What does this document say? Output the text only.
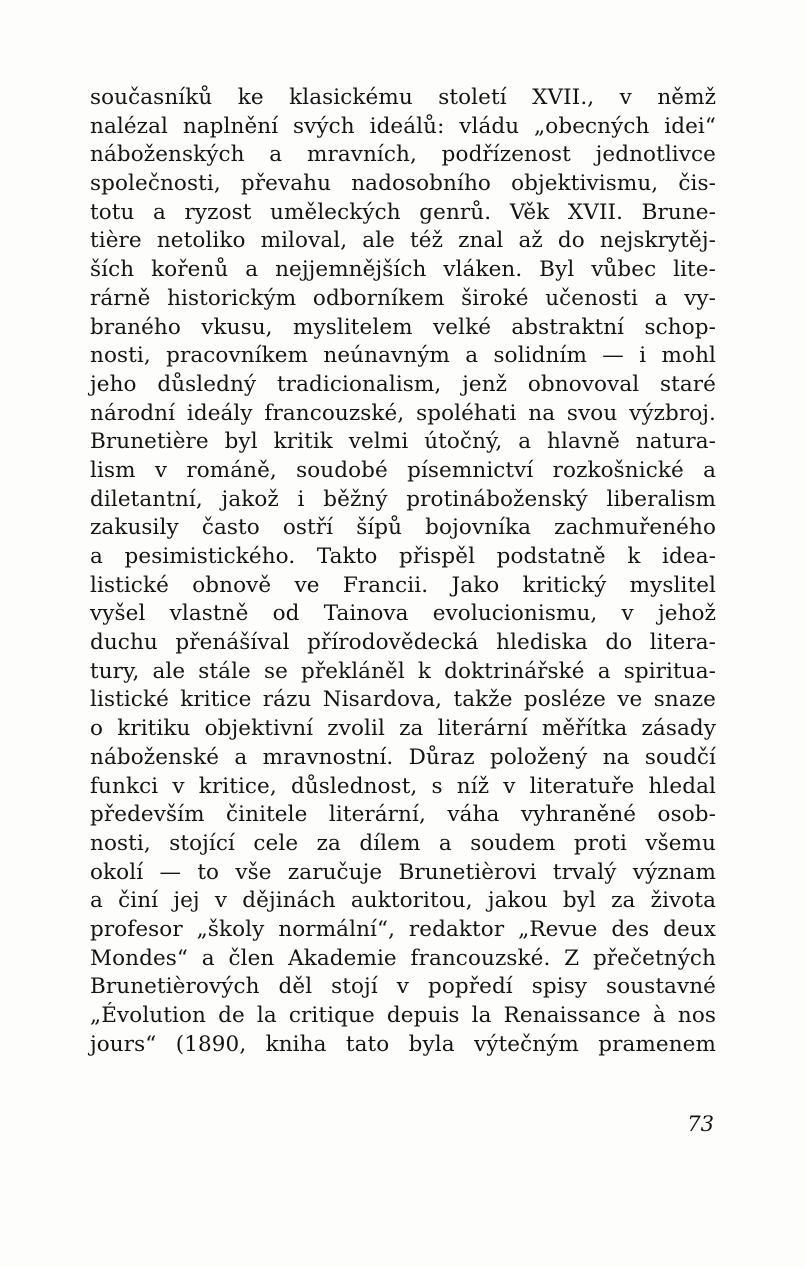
současníků ke klasickému století XVII., v němž
nalézal naplnění svých ideálů: vládu „obecných idei“
náboženských a mravních, podřízenost jednotlivce
společnosti, převahu nadosobního objektivismu, čis-
totu a ryzost uměleckých genrů. Věk XVII. Brune-
tière netoliko miloval, ale též znal až do nejskrytěj-
ších kořenů a nejjemnějších vláken. Byl vůbec lite-
rárně historickým odborníkem široké učenosti a vy-
braného vkusu, myslitelem velké abstraktní schop-
nosti, pracovníkem neúnavným a solidním — i mohl
jeho důsledný tradicionalism, jenž obnovoval staré
národní ideály francouzské, spoléhati na svou výzbroj.
Brunetière byl kritik velmi útočný, a hlavně natura-
lism v románě, soudobé písemnictví rozkošnické a
diletantní, jakož i běžný protináboženský liberalism
zakusily často ostří šípů bojovníka zachmuřeného
a pesimistického. Takto přispěl podstatně k idea-
listické obnově ve Francii. Jako kritický myslitel
vyšel vlastně od Tainova evolucionismu, v jehož
duchu přenášíval přírodovědecká hlediska do litera-
tury, ale stále se překláněl k doktrinářské a spiritua-
listické kritice rázu Nisardova, takže posléze ve snaze
o kritiku objektivní zvolil za literární měřítka zásady
náboženské a mravnostní. Důraz položený na soudčí
funkci v kritice, důslednost, s níž v literatuře hledal
především činitele literární, váha vyhraněné osob-
nosti, stojící cele za dílem a soudem proti všemu
okolí — to vše zaručuje Brunetièrovi trvalý význam
a činí jej v dějinách auktoritou, jakou byl za života
profesor „školy normální“, redaktor „Revue des deux
Mondes“ a člen Akademie francouzské. Z přečetných
Brunetièrových děl stojí v popředí spisy soustavné
„Évolution de la critique depuis la Renaissance à nos
jours“ (1890, kniha tato byla výtečným pramenem
73
